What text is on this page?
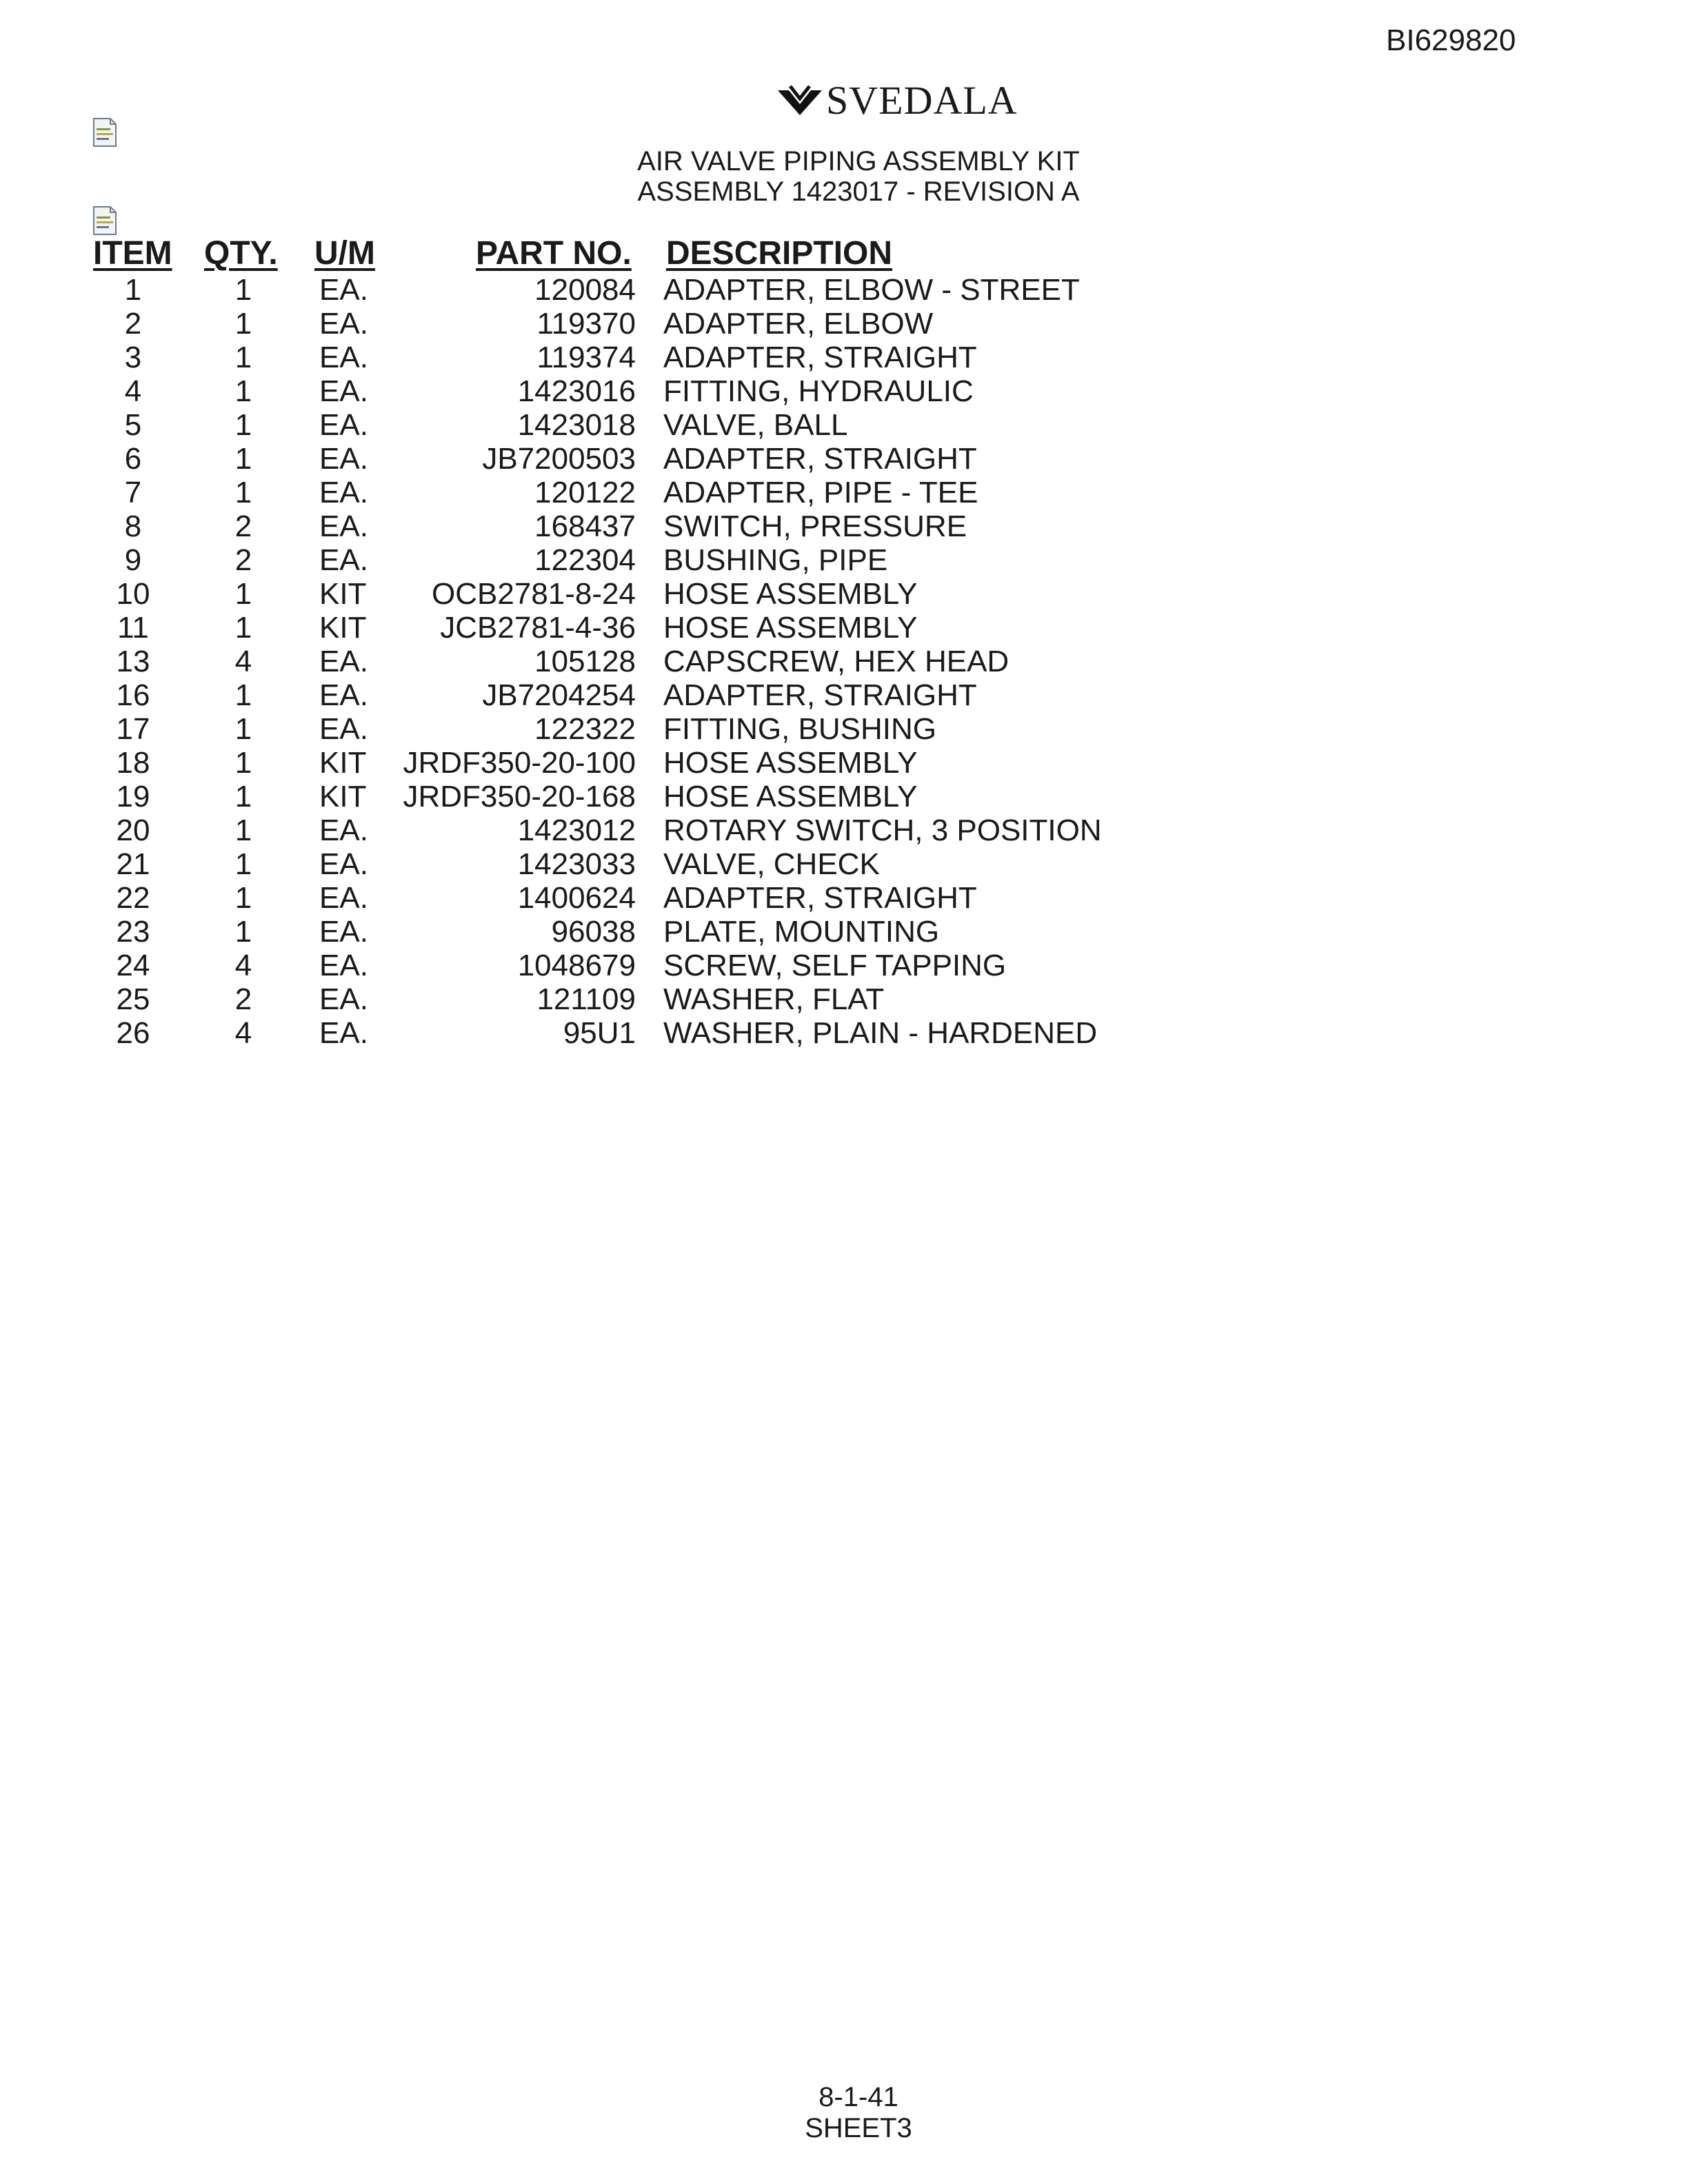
BI629820
SVEDALA
AIR VALVE PIPING ASSEMBLY KIT
ASSEMBLY 1423017 - REVISION A
ITEM QTY. U/M	PART NO. DESCRIPTION
1	1	EA.	120084 ADAPTER, ELBOW - STREET
2	1	EA.	119370 ADAPTER, ELBOW
3	1	EA.	119374 ADAPTER, STRAIGHT
4	1	EA.	1423016 FITTING, HYDRAULIC
5	1	EA.	1423018 VALVE, BALL
6	1	EA.	JB7200503 ADAPTER, STRAIGHT
7	1	EA.	120122 ADAPTER, PIPE - TEE
8	2	EA.	168437 SWITCH, PRESSURE
9	2	EA.	122304 BUSHING, PIPE
10	1	KIT OCB2781-8-24 HOSE ASSEMBLY
11	1	KIT JCB2781-4-36 HOSE ASSEMBLY
13	4	EA.	105128 CAPSCREW, HEX HEAD
16	1	EA.	JB7204254 ADAPTER, STRAIGHT
17	1	EA.	122322 FITTING, BUSHING
18	1	KIT JRDF350-20-100 HOSE ASSEMBLY
19	1	KIT JRDF350-20-168 HOSE ASSEMBLY
20	1	EA.	1423012 ROTARY SWITCH, 3 POSITION
21	1	EA.	1423033 VALVE, CHECK
22	1	EA.	1400624 ADAPTER, STRAIGHT
23	1	EA.	96038 PLATE, MOUNTING
24	4	EA.	1048679 SCREW, SELF TAPPING
25	2	EA.	121109 WASHER, FLAT
26	4	EA.	95U1 WASHER, PLAIN - HARDENED
8-1-41
SHEET3
